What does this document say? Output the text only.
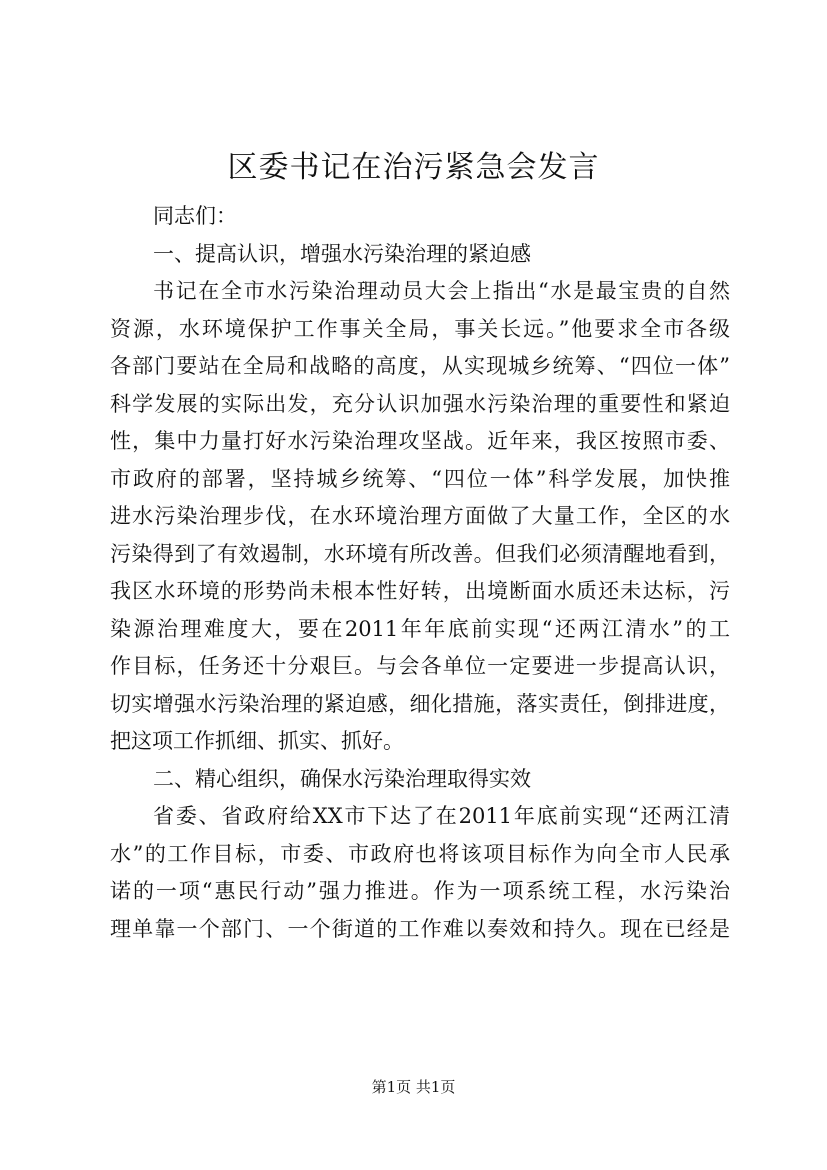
区委书记在治污紧急会发言
同志们：
一、提高认识，增强水污染治理的紧迫感
书记在全市水污染治理动员大会上指出“水是最宝贵的自然
资源，水环境保护工作事关全局，事关长远。”他要求全市各级
各部门要站在全局和战略的高度，从实现城乡统筹、“四位一体”
科学发展的实际出发，充分认识加强水污染治理的重要性和紧迫
性，集中力量打好水污染治理攻坚战。近年来，我区按照市委、
市政府的部署，坚持城乡统筹、“四位一体”科学发展，加快推
进水污染治理步伐，在水环境治理方面做了大量工作，全区的水
污染得到了有效遏制，水环境有所改善。但我们必须清醒地看到，
我区水环境的形势尚未根本性好转，出境断面水质还未达标，污
染源治理难度大，要在2011年年底前实现“还两江清水”的工
作目标，任务还十分艰巨。与会各单位一定要进一步提高认识，
切实增强水污染治理的紧迫感，细化措施，落实责任，倒排进度，
把这项工作抓细、抓实、抓好。
二、精心组织，确保水污染治理取得实效
省委、省政府给XX市下达了在2011年底前实现“还两江清
水”的工作目标，市委、市政府也将该项目标作为向全市人民承
诺的一项“惠民行动”强力推进。作为一项系统工程，水污染治
理单靠一个部门、一个街道的工作难以奏效和持久。现在已经是
第1页 共1页
